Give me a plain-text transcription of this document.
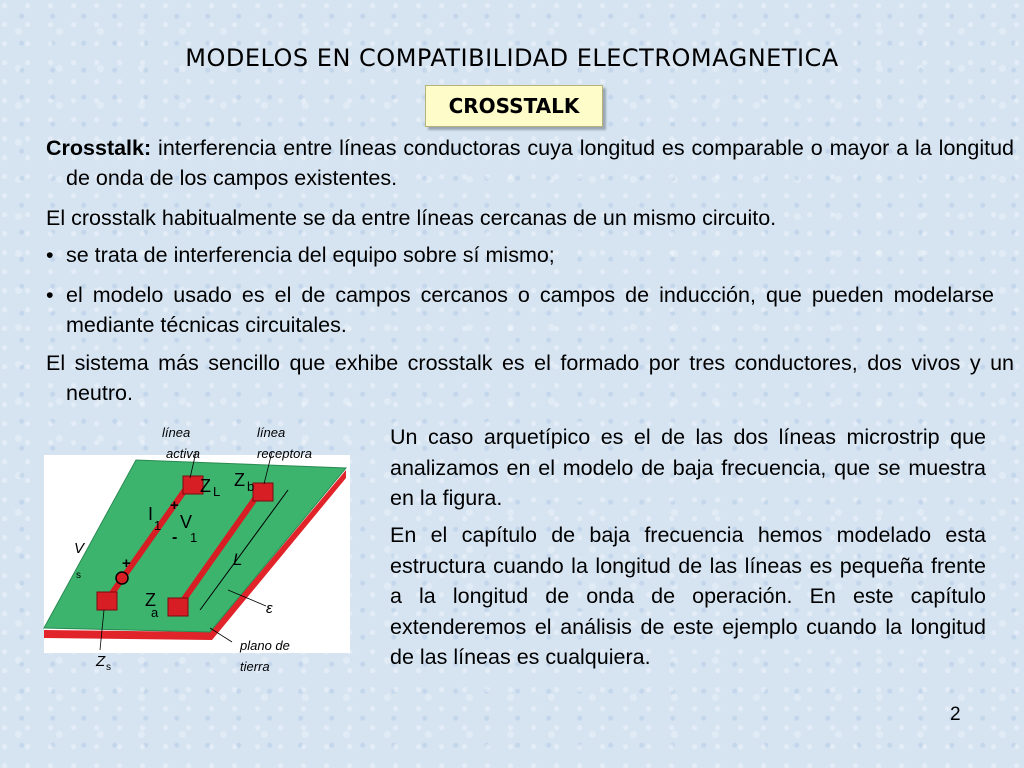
MODELOS EN COMPATIBILIDAD ELECTROMAGNETICA
CROSSTALK
Crosstalk: interferencia entre líneas conductoras cuya longitud es comparable o mayor a la longitud de onda de los campos existentes.
El crosstalk habitualmente se da entre líneas cercanas de un mismo circuito.
• se trata de interferencia del equipo sobre sí mismo;
• el modelo usado es el de campos cercanos o campos de inducción, que pueden modelarse mediante técnicas circuitales.
El sistema más sencillo que exhibe crosstalk es el formado por tres conductores, dos vivos y un neutro.
Un caso arquetípico es el de las dos líneas microstrip que analizamos en el modelo de baja frecuencia, que se muestra en la figura.
En el capítulo de baja frecuencia hemos modelado esta estructura cuando la longitud de las líneas es pequeña frente a la longitud de onda de operación. En este capítulo extenderemos el análisis de este ejemplo cuando la longitud de las líneas es cualquiera.
línea
activa
línea
receptora
plano de
tierra
V
s
Z s
Z L
Z b
Z
a
I
1 V
1
+
-
+	L
ε
2
